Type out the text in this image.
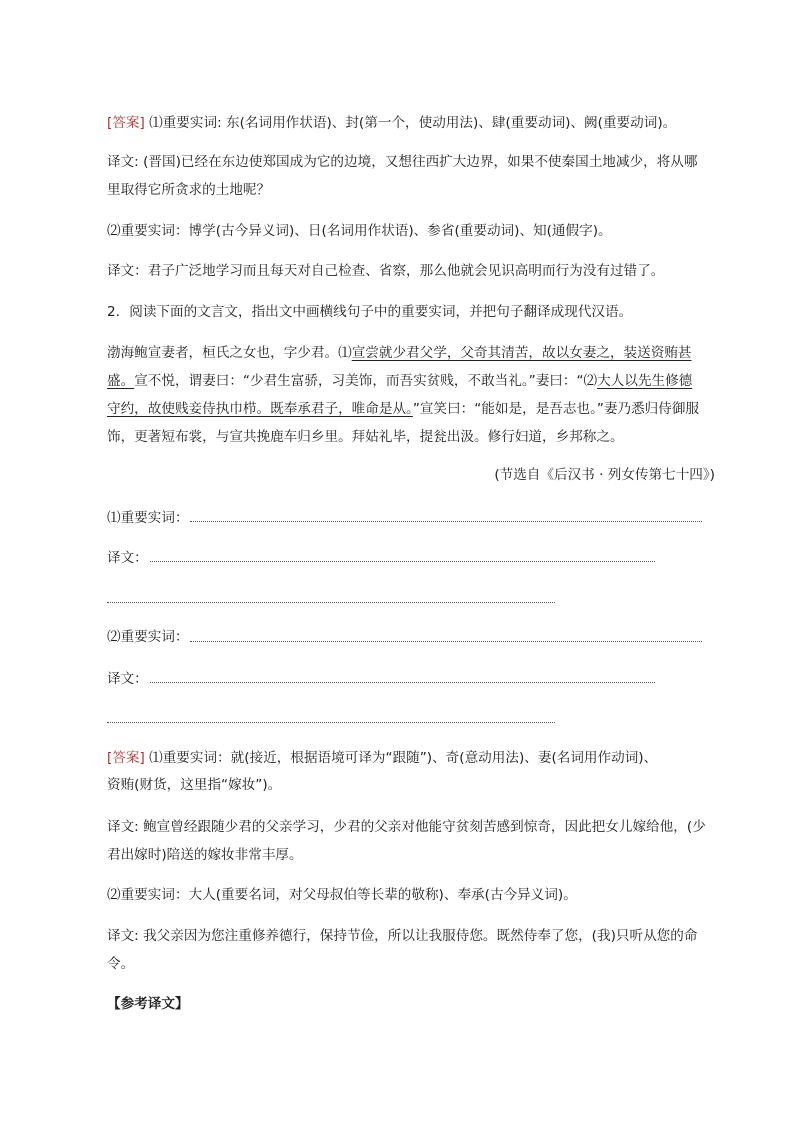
[答案] ⑴重要实词: 东(名词用作状语)、封(第一个，使动用法)、肆(重要动词)、阙(重要动词)。
译文: (晋国)已经在东边使郑国成为它的边境，又想往西扩大边界，如果不使秦国土地减少，将从哪
里取得它所贪求的土地呢？
⑵重要实词：博学(古今异义词)、日(名词用作状语)、参省(重要动词)、知(通假字)。
译文：君子广泛地学习而且每天对自己检查、省察，那么他就会见识高明而行为没有过错了。
2．阅读下面的文言文，指出文中画横线句子中的重要实词，并把句子翻译成现代汉语。
渤海鲍宣妻者，桓氏之女也，字少君。⑴宣尝就少君父学，父奇其清苦，故以女妻之，装送资贿甚
盛。宣不悦，谓妻曰：“少君生富骄，习美饰，而吾实贫贱，不敢当礼。”妻曰：“⑵大人以先生修德
守约，故使贱妾侍执巾栉。既奉承君子，唯命是从。”宣笑曰：“能如是，是吾志也。”妻乃悉归侍御服
饰，更著短布裳，与宣共挽鹿车归乡里。拜姑礼毕，提瓮出汲。修行妇道，乡邦称之。
(节选自《后汉书 · 列女传第七十四》)
⑴重要实词：
译文：
⑵重要实词：
译文：
[答案] ⑴重要实词：就(接近，根据语境可译为“跟随”)、奇(意动用法)、妻(名词用作动词)、
资贿(财货，这里指“嫁妆”)。
译文: 鲍宣曾经跟随少君的父亲学习，少君的父亲对他能守贫刻苦感到惊奇，因此把女儿嫁给他，(少
君出嫁时)陪送的嫁妆非常丰厚。
⑵重要实词：大人(重要名词，对父母叔伯等长辈的敬称)、奉承(古今异义词)。
译文: 我父亲因为您注重修养德行，保持节俭，所以让我服侍您。既然侍奉了您，(我)只听从您的命
令。
【参考译文】
